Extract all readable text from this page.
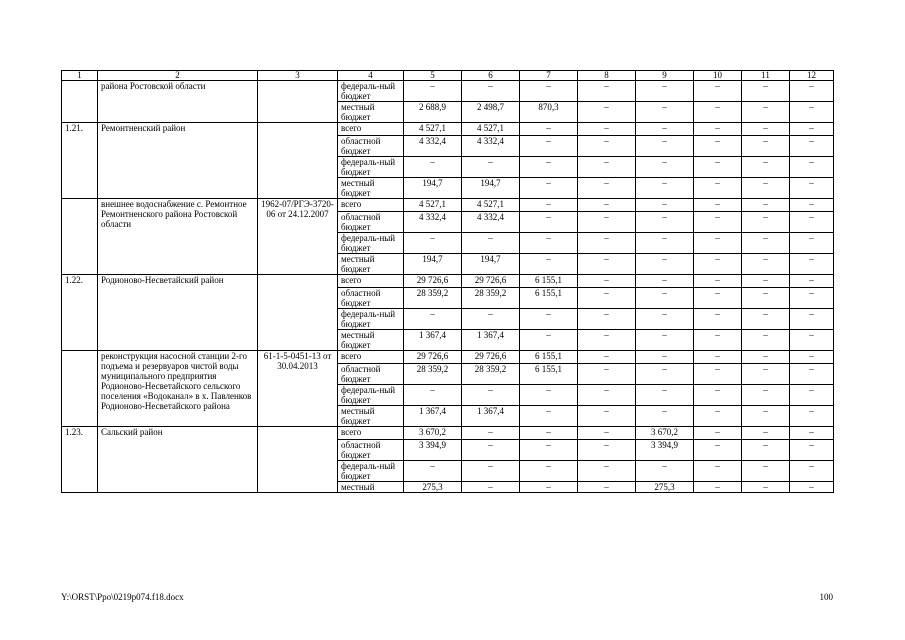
1	2	3	4	5	6	7	8	9	10	11	12
	района Ростовской области		федераль-ный бюджет	–	–	–	–	–	–	–	–
			местный бюджет	2 688,9	2 498,7	870,3	–	–	–	–	–
1.21.	Ремонтненский район		всего	4 527,1	4 527,1	–	–	–	–	–	–
			областной бюджет	4 332,4	4 332,4	–	–	–	–	–	–
			федераль-ный бюджет	–	–	–	–	–	–	–	–
			местный бюджет	194,7	194,7	–	–	–	–	–	–
	внешнее водоснабжение с. Ремонтное Ремонтненского района Ростовской области	1962-07/РГЭ-3720-06 от 24.12.2007	всего	4 527,1	4 527,1	–	–	–	–	–	–
			областной бюджет	4 332,4	4 332,4	–	–	–	–	–	–
			федераль-ный бюджет	–	–	–	–	–	–	–	–
			местный бюджет	194,7	194,7	–	–	–	–	–	–
1.22.	Родионово-Несветайский район		всего	29 726,6	29 726,6	6 155,1	–	–	–	–	–
			областной бюджет	28 359,2	28 359,2	6 155,1	–	–	–	–	–
			федераль-ный бюджет	–	–	–	–	–	–	–	–
			местный бюджет	1 367,4	1 367,4	–	–	–	–	–	–
	реконструкция насосной станции 2-го подъема и резервуаров чистой воды муниципального предприятия Родионово-Несветайского сельского поселения «Водоканал» в х. Павленков Родионово-Несветайского района	61-1-5-0451-13 от 30.04.2013	всего	29 726,6	29 726,6	6 155,1	–	–	–	–	–
			областной бюджет	28 359,2	28 359,2	6 155,1	–	–	–	–	–
			федераль-ный бюджет	–	–	–	–	–	–	–	–
			местный бюджет	1 367,4	1 367,4	–	–	–	–	–	–
1.23.	Сальский район		всего	3 670,2	–	–	–	3 670,2	–	–	–
			областной бюджет	3 394,9	–	–	–	3 394,9	–	–	–
			федераль-ный бюджет	–	–	–	–	–	–	–	–
			местный	275,3	–	–	–	275,3	–	–	–
Y:\ORST\Ppo\0219p074.f18.docx	100
